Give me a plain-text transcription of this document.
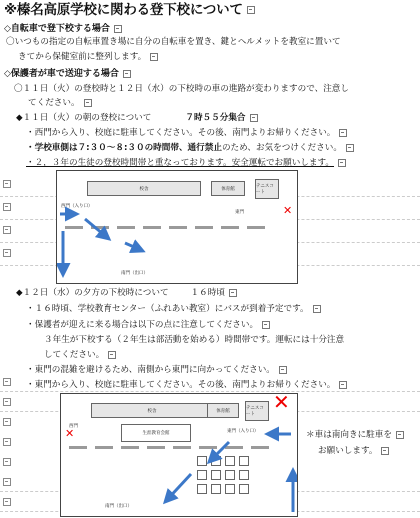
※榛名高原学校に関わる登下校について
◇自転車で登下校する場合
〇いつもの指定の自転車置き場に自分の自転車を置き、鍵とヘルメットを教室に置いて
きてから保健室前に整列します。
◇保護者が車で送迎する場合
〇１１日（火）の登校時と１２日（水）の下校時の車の進路が変わりますので、注意し
てください。
◆１１日（火）の朝の登校について	７時５５分集合
・西門から入り、校庭に駐車してください。その後、南門よりお帰りください。
・学校車側は７:３０～８:３０の時間帯、通行禁止のため、お気をつけください。
・２，３年の生徒の登校時間帯と重なっております。安全運転でお願いします。
校舎	体育館	テニスコート
西門（入り口）
東門
南門（出口）
✕
◆１２日（水）の夕方の下校時について	１６時頃
・１６時頃、学校教育センター（ふれあい教室）にバスが到着予定です。
・保護者が迎えに来る場合は以下の点に注意してください。
３年生が下校する（２年生は部活動を始める）時間帯です。運転には十分注意
してください。
・東門の混雑を避けるため、南側から東門に向かってください。
・東門から入り、校庭に駐車してください。その後、南門よりお帰りください。
校舎	体育館	テニスコート
生涯教育会館
西門
東門（入り口）
南門（出口）
✕
✕
＊車は南向きに駐車を
お願いします。
